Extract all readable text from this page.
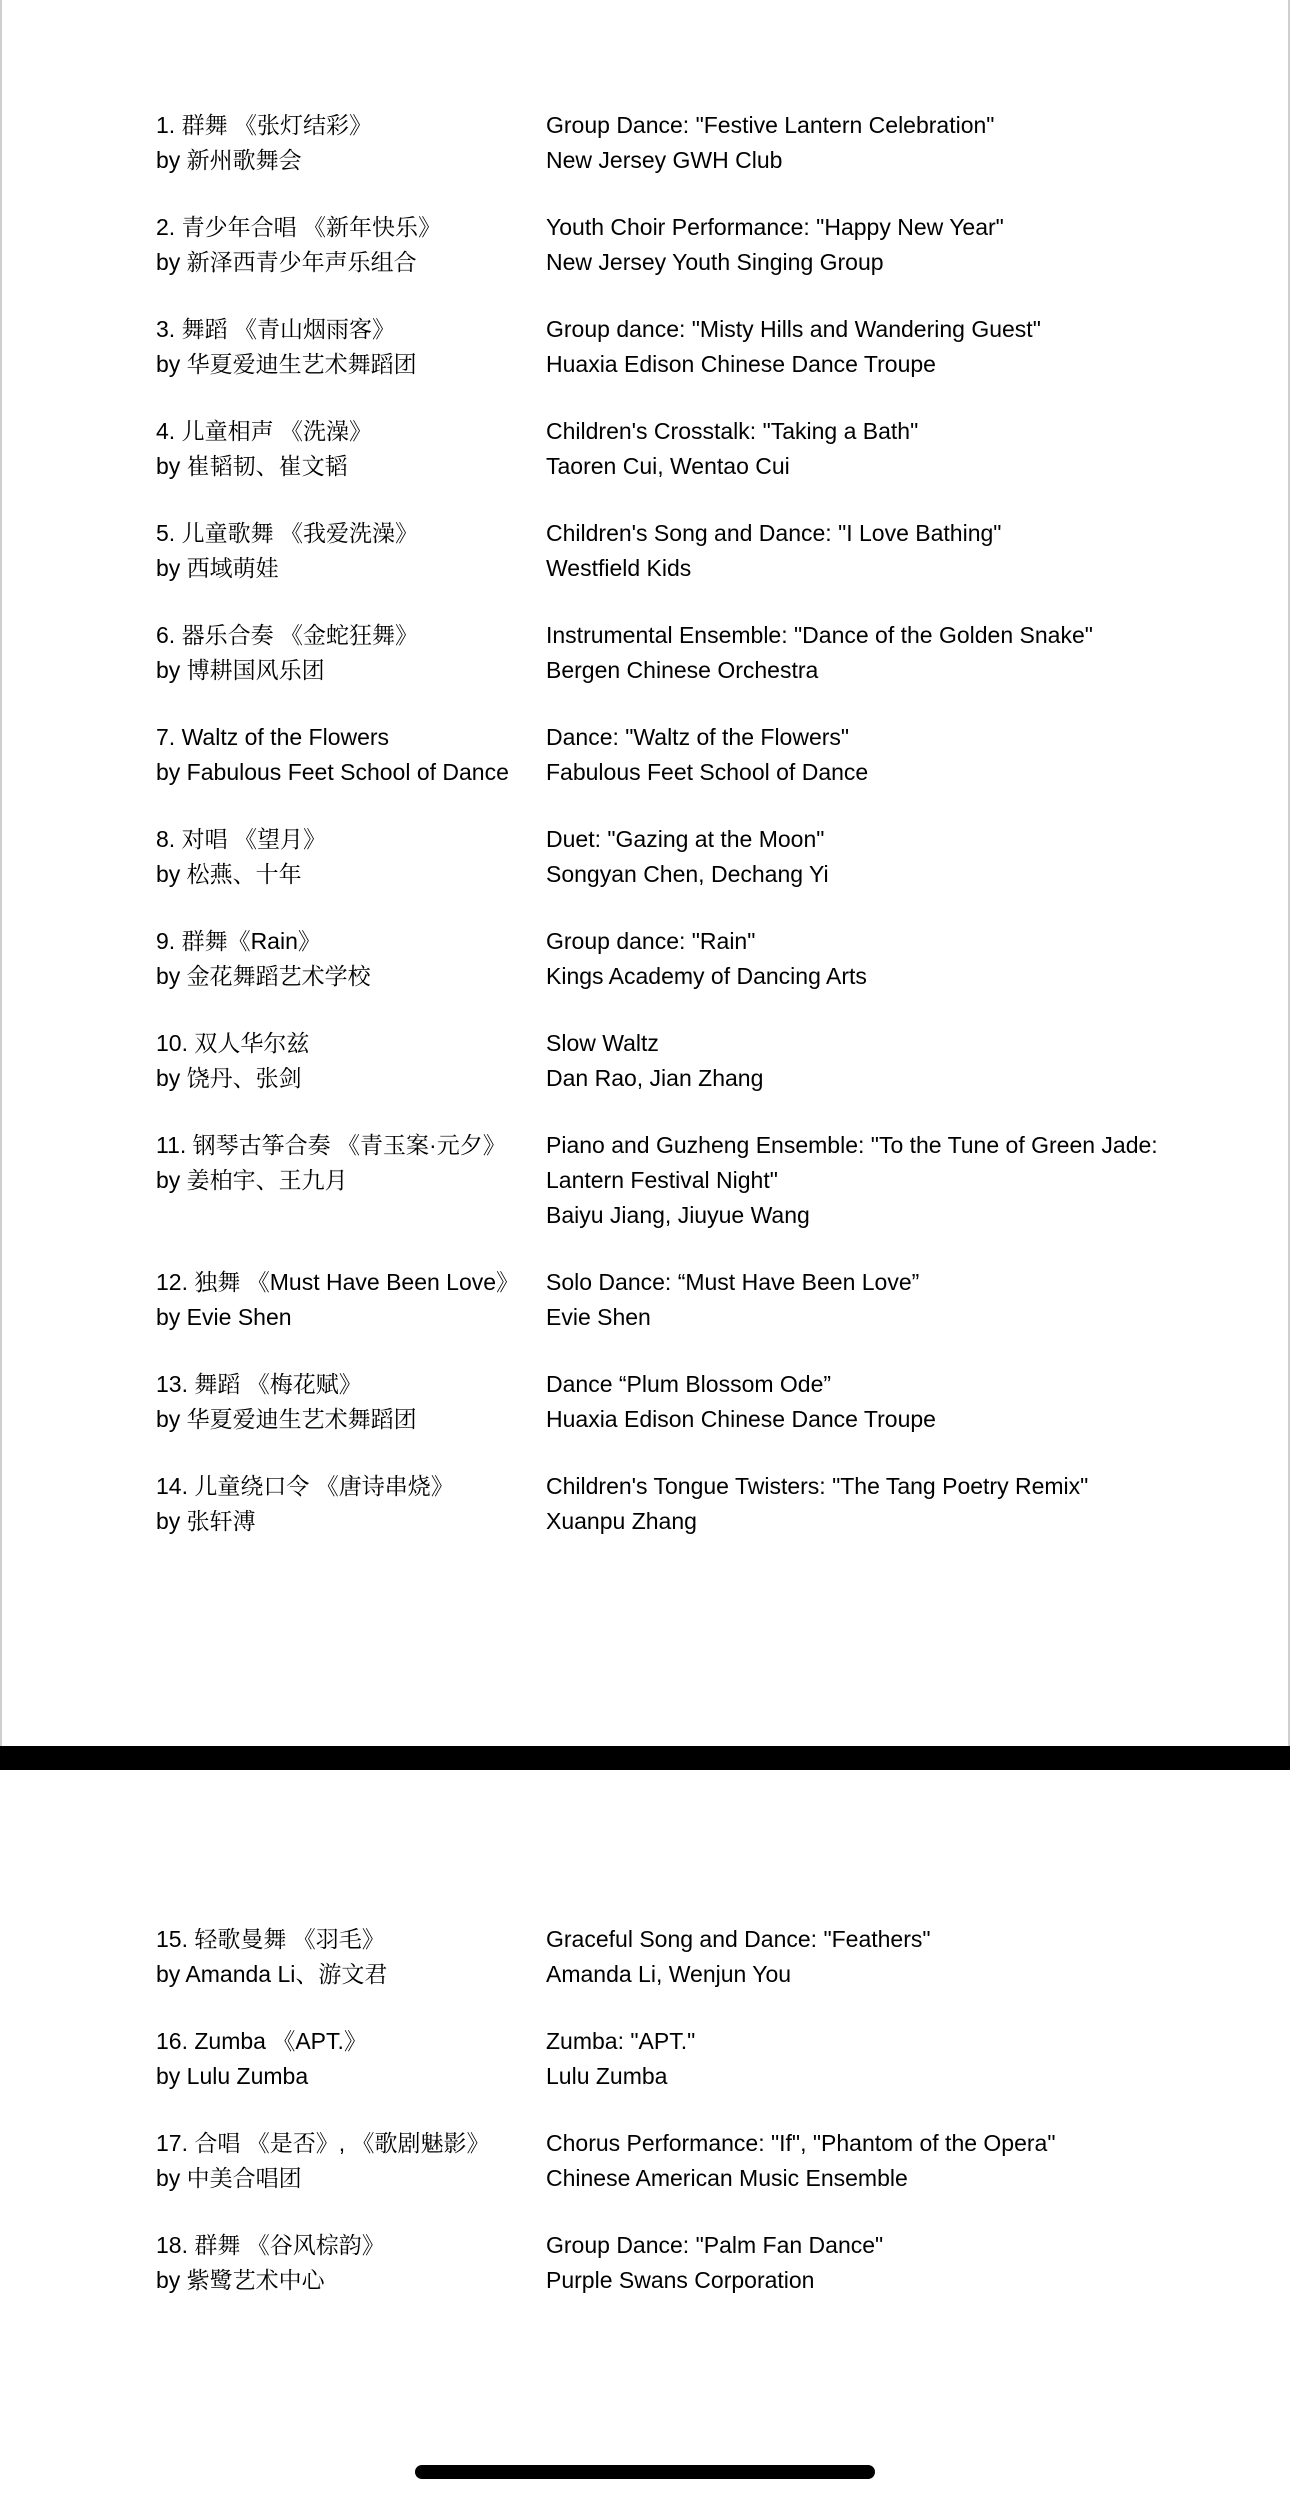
1. 群舞 《张灯结彩》
by 新州歌舞会
Group Dance: "Festive Lantern Celebration"
New Jersey GWH Club
2. 青少年合唱 《新年快乐》
by 新泽西青少年声乐组合
Youth Choir Performance: "Happy New Year"
New Jersey Youth Singing Group
3. 舞蹈 《青山烟雨客》
by 华夏爱迪生艺术舞蹈团
Group dance: "Misty Hills and Wandering Guest"
Huaxia Edison Chinese Dance Troupe
4. 儿童相声 《洗澡》
by 崔韬韧、崔文韬
Children's Crosstalk: "Taking a Bath"
Taoren Cui, Wentao Cui
5. 儿童歌舞 《我爱洗澡》
by 西域萌娃
Children's Song and Dance: "I Love Bathing"
Westfield Kids
6. 器乐合奏 《金蛇狂舞》
by 博耕国风乐团
Instrumental Ensemble: "Dance of the Golden Snake"
Bergen Chinese Orchestra
7. Waltz of the Flowers
by Fabulous Feet School of Dance
Dance: "Waltz of the Flowers"
Fabulous Feet School of Dance
8. 对唱 《望月》
by 松燕、十年
Duet: "Gazing at the Moon"
Songyan Chen, Dechang Yi
9. 群舞《Rain》
by 金花舞蹈艺术学校
Group dance: "Rain"
Kings Academy of Dancing Arts
10. 双人华尔兹
by 饶丹、张剑
Slow Waltz
Dan Rao, Jian Zhang
11. 钢琴古筝合奏 《青玉案·元夕》
by 姜柏宇、王九月
Piano and Guzheng Ensemble: "To the Tune of Green Jade:
Lantern Festival Night"
Baiyu Jiang, Jiuyue Wang
12. 独舞 《Must Have Been Love》
by Evie Shen
Solo Dance: “Must Have Been Love”
Evie Shen
13. 舞蹈 《梅花赋》
by 华夏爱迪生艺术舞蹈团
Dance “Plum Blossom Ode”
Huaxia Edison Chinese Dance Troupe
14. 儿童绕口令 《唐诗串烧》
by 张轩溥
Children's Tongue Twisters: "The Tang Poetry Remix"
Xuanpu Zhang
15. 轻歌曼舞 《羽毛》
by Amanda Li、游文君
Graceful Song and Dance: "Feathers"
Amanda Li, Wenjun You
16. Zumba 《APT.》
by Lulu Zumba
Zumba: "APT."
Lulu Zumba
17. 合唱 《是否》, 《歌剧魅影》
by 中美合唱团
Chorus Performance: "If", "Phantom of the Opera"
Chinese American Music Ensemble
18. 群舞 《谷风棕韵》
by 紫鹭艺术中心
Group Dance: "Palm Fan Dance"
Purple Swans Corporation
